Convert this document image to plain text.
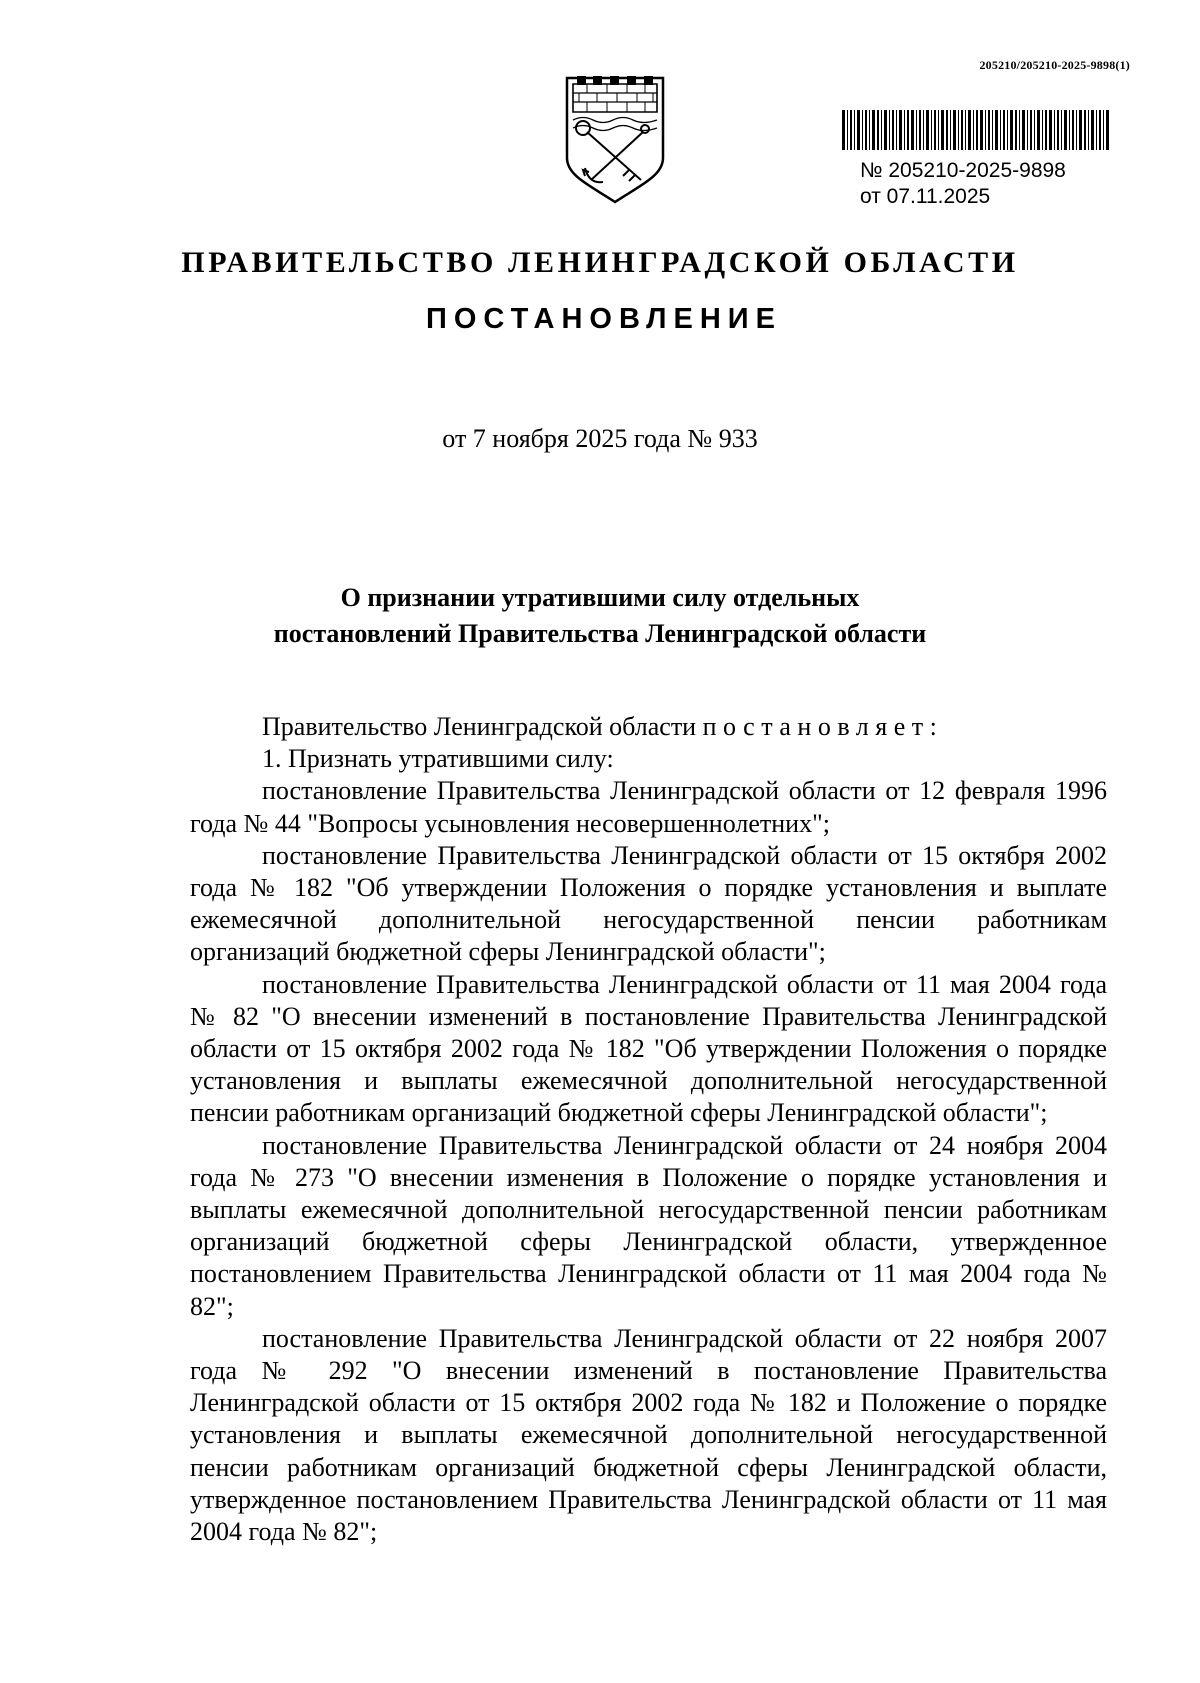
205210/205210-2025-9898(1)
№ 205210-2025-9898
от 07.11.2025
ПРАВИТЕЛЬСТВО ЛЕНИНГРАДСКОЙ ОБЛАСТИ
ПОСТАНОВЛЕНИЕ
от 7 ноября 2025 года № 933
О признании утратившими силу отдельных
постановлений Правительства Ленинградской области

Правительство Ленинградской области постановляет:

1. Признать утратившими силу:

постановление Правительства Ленинградской области от 12 февраля 1996 года № 44 "Вопросы усыновления несовершеннолетних";

постановление Правительства Ленинградской области от 15 октября 2002 года № 182 "Об утверждении Положения о порядке установления и выплате ежемесячной дополнительной негосударственной пенсии работникам организаций бюджетной сферы Ленинградской области";

постановление Правительства Ленинградской области от 11 мая 2004 года № 82 "О внесении изменений в постановление Правительства Ленинградской области от 15 октября 2002 года № 182 "Об утверждении Положения о порядке установления и выплаты ежемесячной дополнительной негосударственной пенсии работникам организаций бюджетной сферы Ленинградской области";

постановление Правительства Ленинградской области от 24 ноября 2004 года № 273 "О внесении изменения в Положение о порядке установления и выплаты ежемесячной дополнительной негосударственной пенсии работникам организаций бюджетной сферы Ленинградской области, утвержденное постановлением Правительства Ленинградской области от 11 мая 2004 года № 82";

постановление Правительства Ленинградской области от 22 ноября 2007 года № 292 "О внесении изменений в постановление Правительства Ленинградской области от 15 октября 2002 года № 182 и Положение о порядке установления и выплаты ежемесячной дополнительной негосударственной пенсии работникам организаций бюджетной сферы Ленинградской области, утвержденное постановлением Правительства Ленинградской области от 11 мая 2004 года № 82";
